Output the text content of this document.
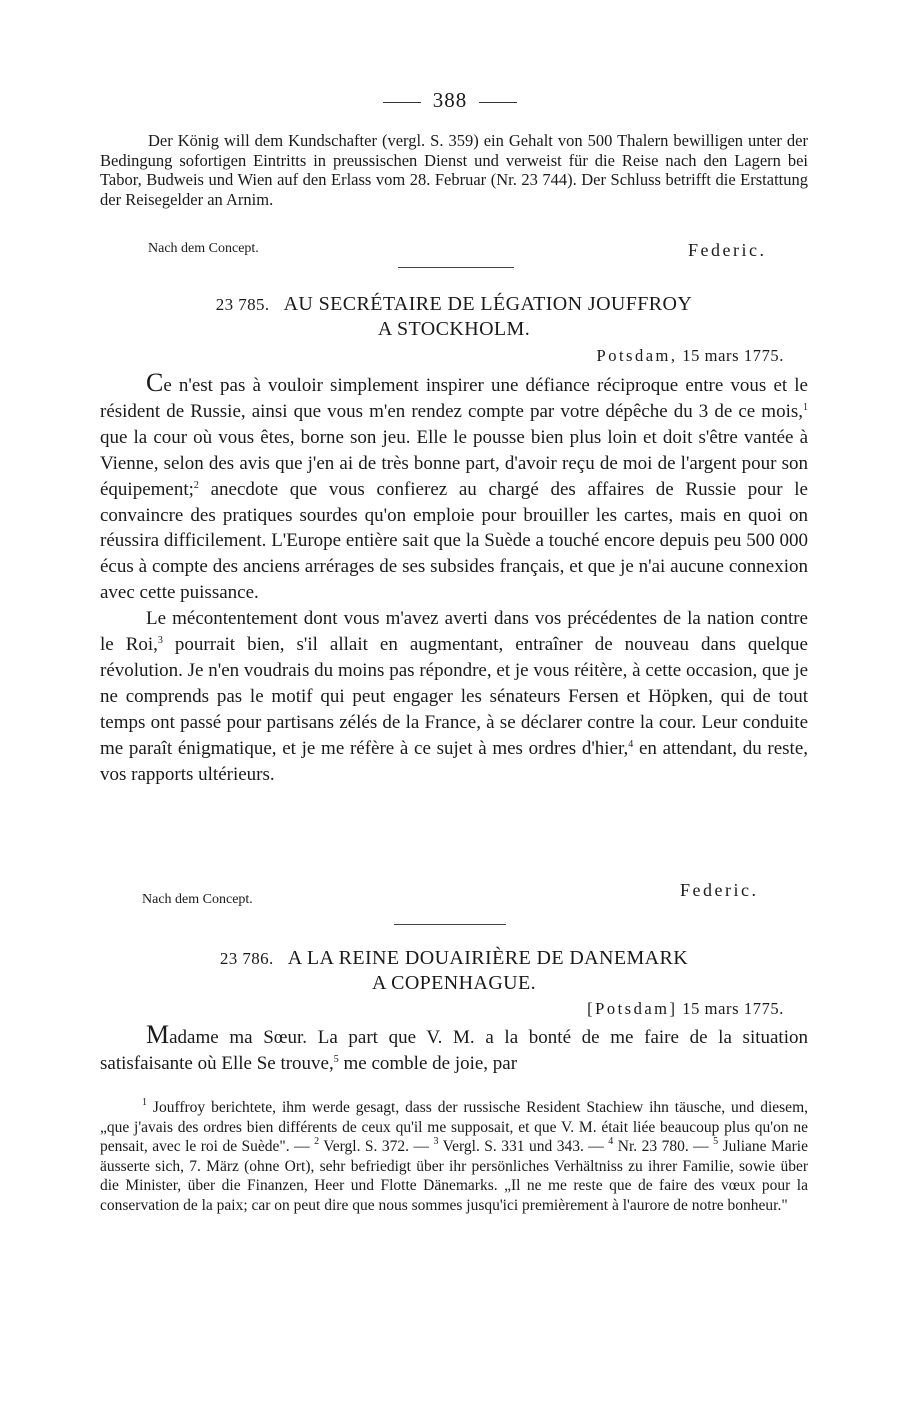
388
Der König will dem Kundschafter (vergl. S. 359) ein Gehalt von 500 Thalern bewilligen unter der Bedingung sofortigen Eintritts in preussischen Dienst und verweist für die Reise nach den Lagern bei Tabor, Budweis und Wien auf den Erlass vom 28. Februar (Nr. 23 744). Der Schluss betrifft die Erstattung der Reisegelder an Arnim.
Nach dem Concept.	Federic.
23 785. AU SECRÉTAIRE DE LÉGATION JOUFFROY
A STOCKHOLM.
Potsdam, 15 mars 1775.

Ce n'est pas à vouloir simplement inspirer une défiance réciproque entre vous et le résident de Russie, ainsi que vous m'en rendez compte par votre dépêche du 3 de ce mois,$^1$ que la cour où vous êtes, borne son jeu. Elle le pousse bien plus loin et doit s'être vantée à Vienne, selon des avis que j'en ai de très bonne part, d'avoir reçu de moi de l'argent pour son équipement;$^2$ anecdote que vous confierez au chargé des affaires de Russie pour le convaincre des pratiques sourdes qu'on emploie pour brouiller les cartes, mais en quoi on réussira difficilement. L'Europe entière sait que la Suède a touché encore depuis peu 500 000 écus à compte des anciens arrérages de ses subsides français, et que je n'ai aucune connexion avec cette puissance.

Le mécontentement dont vous m'avez averti dans vos précédentes de la nation contre le Roi,$^3$ pourrait bien, s'il allait en augmentant, entraîner de nouveau dans quelque révolution. Je n'en voudrais du moins pas répondre, et je vous réitère, à cette occasion, que je ne comprends pas le motif qui peut engager les sénateurs Fersen et Höpken, qui de tout temps ont passé pour partisans zélés de la France, à se déclarer contre la cour. Leur conduite me paraît énigmatique, et je me réfère à ce sujet à mes ordres d'hier,$^4$ en attendant, du reste, vos rapports ultérieurs.

Federic.
Nach dem Concept.
23 786. A LA REINE DOUAIRIÈRE DE DANEMARK
A COPENHAGUE.
[Potsdam] 15 mars 1775.

Madame ma Sœur. La part que V. M. a la bonté de me faire de la situation satisfaisante où Elle Se trouve,$^5$ me comble de joie, par

$^1$ Jouffroy berichtete, ihm werde gesagt, dass der russische Resident Stachiew ihn täusche, und diesem, „que j'avais des ordres bien différents de ceux qu'il me supposait, et que V. M. était liée beaucoup plus qu'on ne pensait, avec le roi de Suède". — $^2$ Vergl. S. 372. — $^3$ Vergl. S. 331 und 343. — $^4$ Nr. 23 780. — $^5$ Juliane Marie äusserte sich, 7. März (ohne Ort), sehr befriedigt über ihr persönliches Verhältniss zu ihrer Familie, sowie über die Minister, über die Finanzen, Heer und Flotte Dänemarks. „Il ne me reste que de faire des vœux pour la conservation de la paix; car on peut dire que nous sommes jusqu'ici premièrement à l'aurore de notre bonheur."
